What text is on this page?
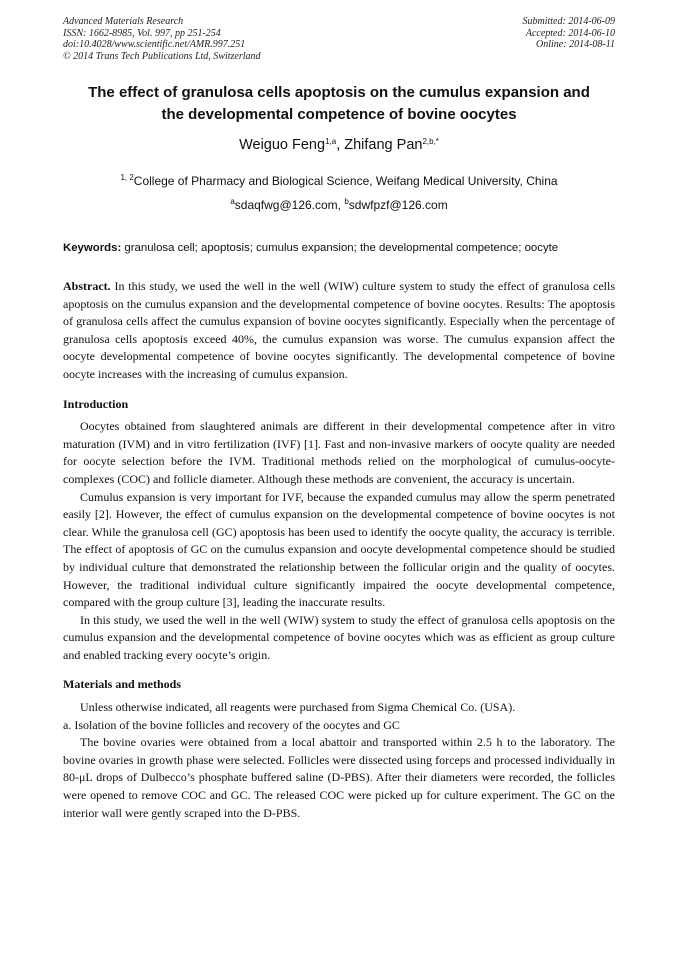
Advanced Materials Research
ISSN: 1662-8985, Vol. 997, pp 251-254
doi:10.4028/www.scientific.net/AMR.997.251
© 2014 Trans Tech Publications Ltd, Switzerland
Submitted: 2014-06-09
Accepted: 2014-06-10
Online: 2014-08-11
The effect of granulosa cells apoptosis on the cumulus expansion and
the developmental competence of bovine oocytes
Weiguo Feng$^{1,a}$, Zhifang Pan$^{2,b,*}$
$^{1, 2}$College of Pharmacy and Biological Science, Weifang Medical University, China
$^a$sdaqfwg@126.com, $^b$sdwfpzf@126.com
Keywords: granulosa cell; apoptosis; cumulus expansion; the developmental competence; oocyte

Abstract. In this study, we used the well in the well (WIW) culture system to study the effect of granulosa cells apoptosis on the cumulus expansion and the developmental competence of bovine oocytes. Results: The apoptosis of granulosa cells affect the cumulus expansion of bovine oocytes significantly. Especially when the percentage of granulosa cells apoptosis exceed 40%, the cumulus expansion was worse. The cumulus expansion affect the oocyte developmental competence of bovine oocytes significantly. The developmental competence of bovine oocyte increases with the increasing of cumulus expansion.

Introduction

Oocytes obtained from slaughtered animals are different in their developmental competence after in vitro maturation (IVM) and in vitro fertilization (IVF) [1]. Fast and non-invasive markers of oocyte quality are needed for oocyte selection before the IVM. Traditional methods relied on the morphological of cumulus-oocyte-complexes (COC) and follicle diameter. Although these methods are convenient, the accuracy is uncertain.

Cumulus expansion is very important for IVF, because the expanded cumulus may allow the sperm penetrated easily [2]. However, the effect of cumulus expansion on the developmental competence of bovine oocytes is not clear. While the granulosa cell (GC) apoptosis has been used to identify the oocyte quality, the accuracy is terrible. The effect of apoptosis of GC on the cumulus expansion and oocyte developmental competence should be studied by individual culture that demonstrated the relationship between the follicular origin and the quality of oocytes. However, the traditional individual culture significantly impaired the oocyte developmental competence, compared with the group culture [3], leading the inaccurate results.

In this study, we used the well in the well (WIW) system to study the effect of granulosa cells apoptosis on the cumulus expansion and the developmental competence of bovine oocytes which was as efficient as group culture and enabled tracking every oocyte’s origin.

Materials and methods

Unless otherwise indicated, all reagents were purchased from Sigma Chemical Co. (USA).

a. Isolation of the bovine follicles and recovery of the oocytes and GC

The bovine ovaries were obtained from a local abattoir and transported within 2.5 h to the laboratory. The bovine ovaries in growth phase were selected. Follicles were dissected using forceps and processed individually in 80-μL drops of Dulbecco’s phosphate buffered saline (D-PBS). After their diameters were recorded, the follicles were opened to remove COC and GC. The released COC were picked up for culture experiment. The GC on the interior wall were gently scraped into the D-PBS.
